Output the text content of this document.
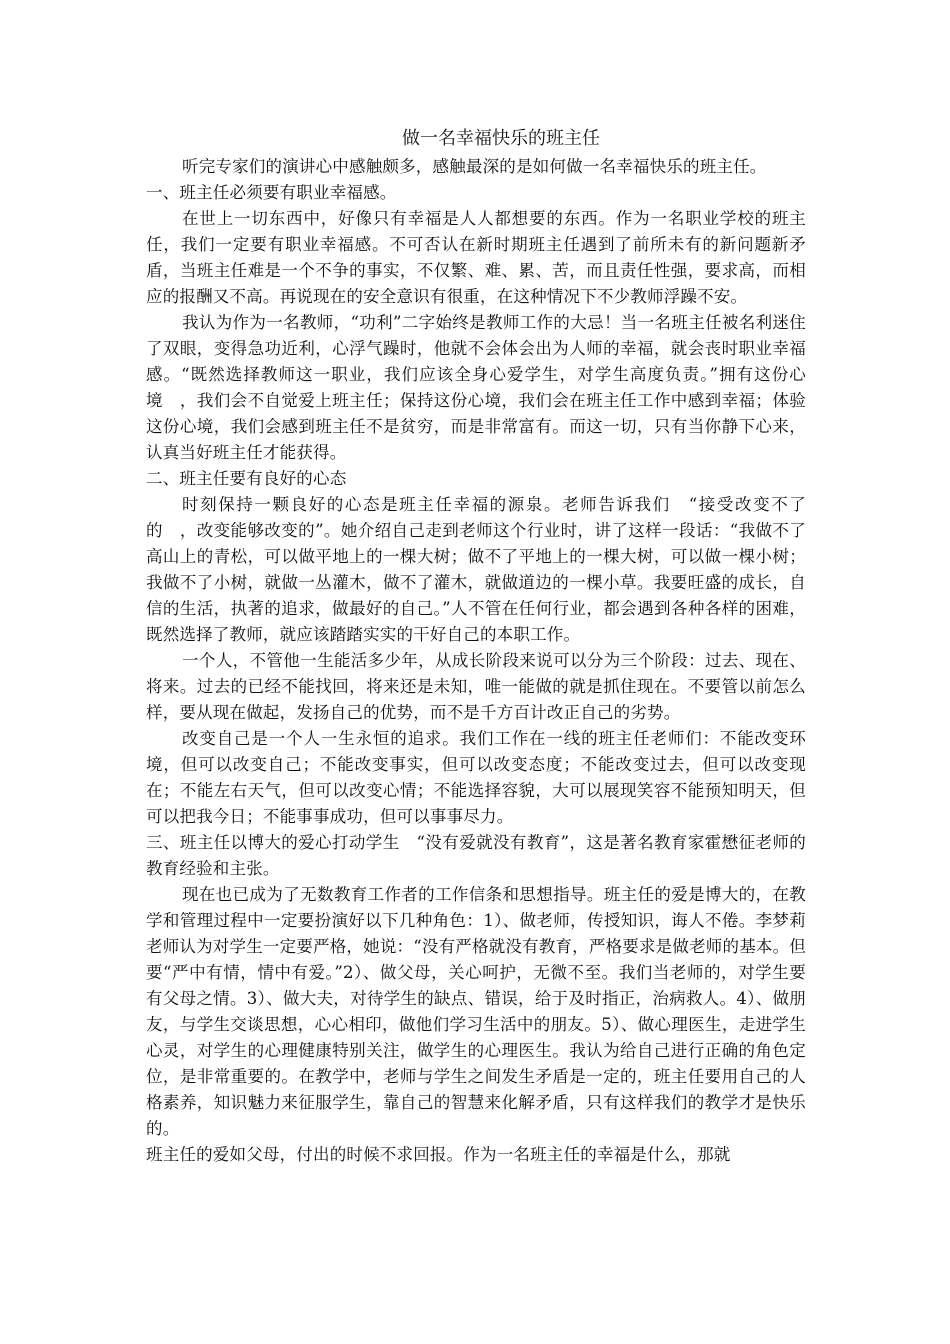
做一名幸福快乐的班主任

听完专家们的演讲心中感触颇多，感触最深的是如何做一名幸福快乐的班主任。

一、班主任必须要有职业幸福感。

在世上一切东西中，好像只有幸福是人人都想要的东西。作为一名职业学校的班主任，我们一定要有职业幸福感。不可否认在新时期班主任遇到了前所未有的新问题新矛盾，当班主任难是一个不争的事实，不仅繁、难、累、苦，而且责任性强，要求高，而相应的报酬又不高。再说现在的安全意识有很重，在这种情况下不少教师浮躁不安。

我认为作为一名教师，“功利”二字始终是教师工作的大忌！当一名班主任被名利迷住了双眼，变得急功近利，心浮气躁时，他就不会体会出为人师的幸福，就会丧时职业幸福感。“既然选择教师这一职业，我们应该全身心爱学生，对学生高度负责。”拥有这份心境　，我们会不自觉爱上班主任；保持这份心境，我们会在班主任工作中感到幸福；体验这份心境，我们会感到班主任不是贫穷，而是非常富有。而这一切，只有当你静下心来，认真当好班主任才能获得。

二、班主任要有良好的心态

时刻保持一颗良好的心态是班主任幸福的源泉。老师告诉我们　“接受改变不了的　，改变能够改变的”。她介绍自己走到老师这个行业时，讲了这样一段话：“我做不了高山上的青松，可以做平地上的一棵大树；做不了平地上的一棵大树，可以做一棵小树；我做不了小树，就做一丛灌木，做不了灌木，就做道边的一棵小草。我要旺盛的成长，自信的生活，执著的追求，做最好的自己。”人不管在任何行业，都会遇到各种各样的困难，既然选择了教师，就应该踏踏实实的干好自己的本职工作。

一个人，不管他一生能活多少年，从成长阶段来说可以分为三个阶段：过去、现在、将来。过去的已经不能找回，将来还是未知，唯一能做的就是抓住现在。不要管以前怎么样，要从现在做起，发扬自己的优势，而不是千方百计改正自己的劣势。

改变自己是一个人一生永恒的追求。我们工作在一线的班主任老师们：不能改变环境，但可以改变自己；不能改变事实，但可以改变态度；不能改变过去，但可以改变现在；不能左右天气，但可以改变心情；不能选择容貌，大可以展现笑容不能预知明天，但可以把我今日；不能事事成功，但可以事事尽力。

三、班主任以博大的爱心打动学生　“没有爱就没有教育”，这是著名教育家霍懋征老师的教育经验和主张。

现在也已成为了无数教育工作者的工作信条和思想指导。班主任的爱是博大的，在教学和管理过程中一定要扮演好以下几种角色：1）、做老师，传授知识，诲人不倦。李梦莉老师认为对学生一定要严格，她说：“没有严格就没有教育，严格要求是做老师的基本。但要“严中有情，情中有爱。”2）、做父母，关心呵护，无微不至。我们当老师的，对学生要有父母之情。3）、做大夫，对待学生的缺点、错误，给于及时指正，治病救人。4）、做朋友，与学生交谈思想，心心相印，做他们学习生活中的朋友。5）、做心理医生，走进学生心灵，对学生的心理健康特别关注，做学生的心理医生。我认为给自己进行正确的角色定位，是非常重要的。在教学中，老师与学生之间发生矛盾是一定的，班主任要用自己的人格素养，知识魅力来征服学生，靠自己的智慧来化解矛盾，只有这样我们的教学才是快乐的。

班主任的爱如父母，付出的时候不求回报。作为一名班主任的幸福是什么，那就
